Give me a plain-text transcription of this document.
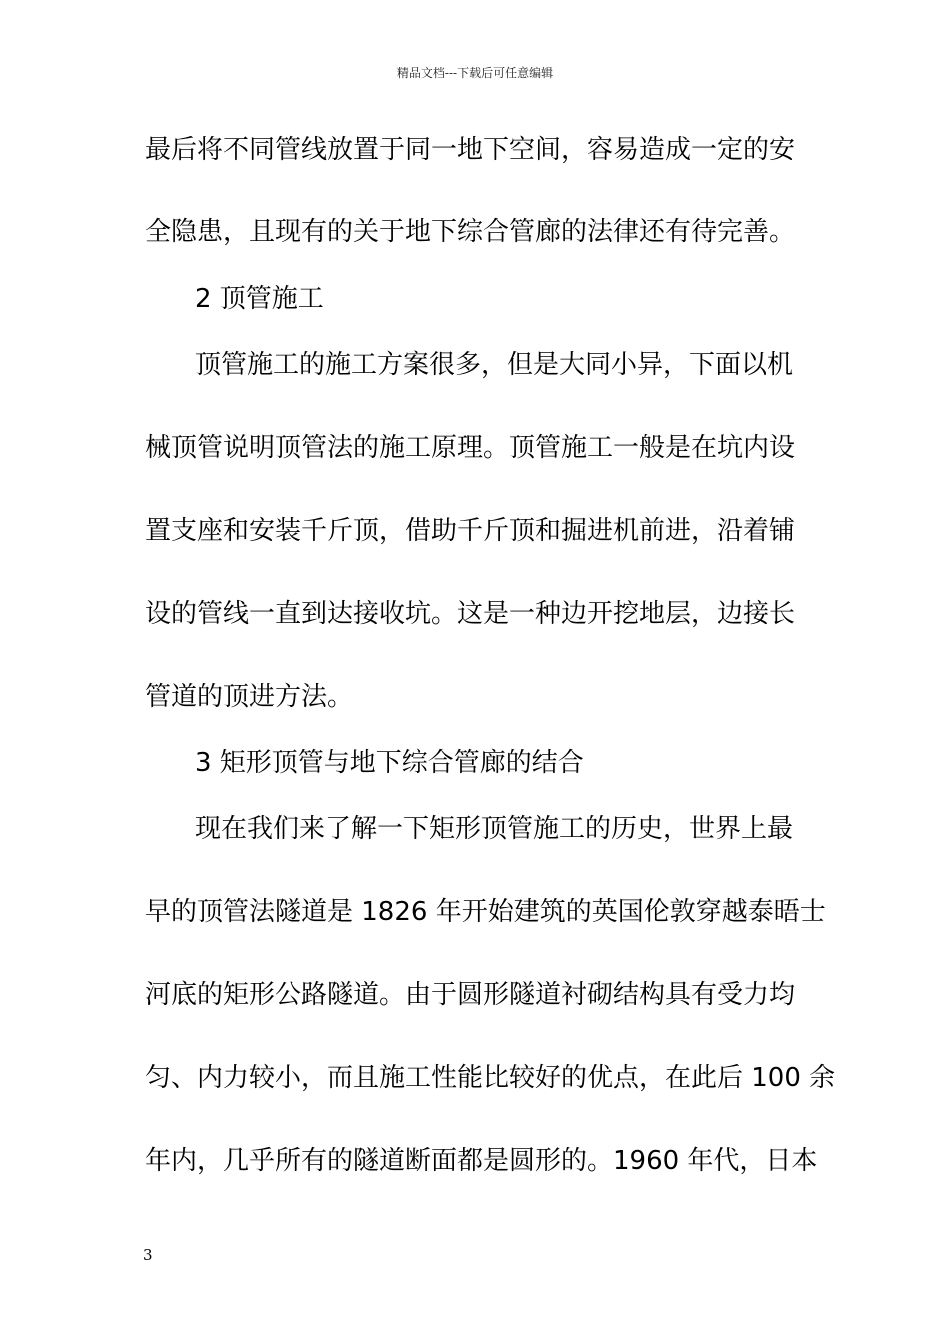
精品文档---下载后可任意编辑
最后将不同管线放置于同一地下空间，容易造成一定的安
全隐患，且现有的关于地下综合管廊的法律还有待完善。
2 顶管施工
顶管施工的施工方案很多，但是大同小异，下面以机
械顶管说明顶管法的施工原理。顶管施工一般是在坑内设
置支座和安装千斤顶，借助千斤顶和掘进机前进，沿着铺
设的管线一直到达接收坑。这是一种边开挖地层，边接长
管道的顶进方法。
3 矩形顶管与地下综合管廊的结合
现在我们来了解一下矩形顶管施工的历史，世界上最
早的顶管法隧道是 1826 年开始建筑的英国伦敦穿越泰晤士
河底的矩形公路隧道。由于圆形隧道衬砌结构具有受力均
匀、内力较小，而且施工性能比较好的优点，在此后 100 余
年内，几乎所有的隧道断面都是圆形的。1960 年代，日本
3
